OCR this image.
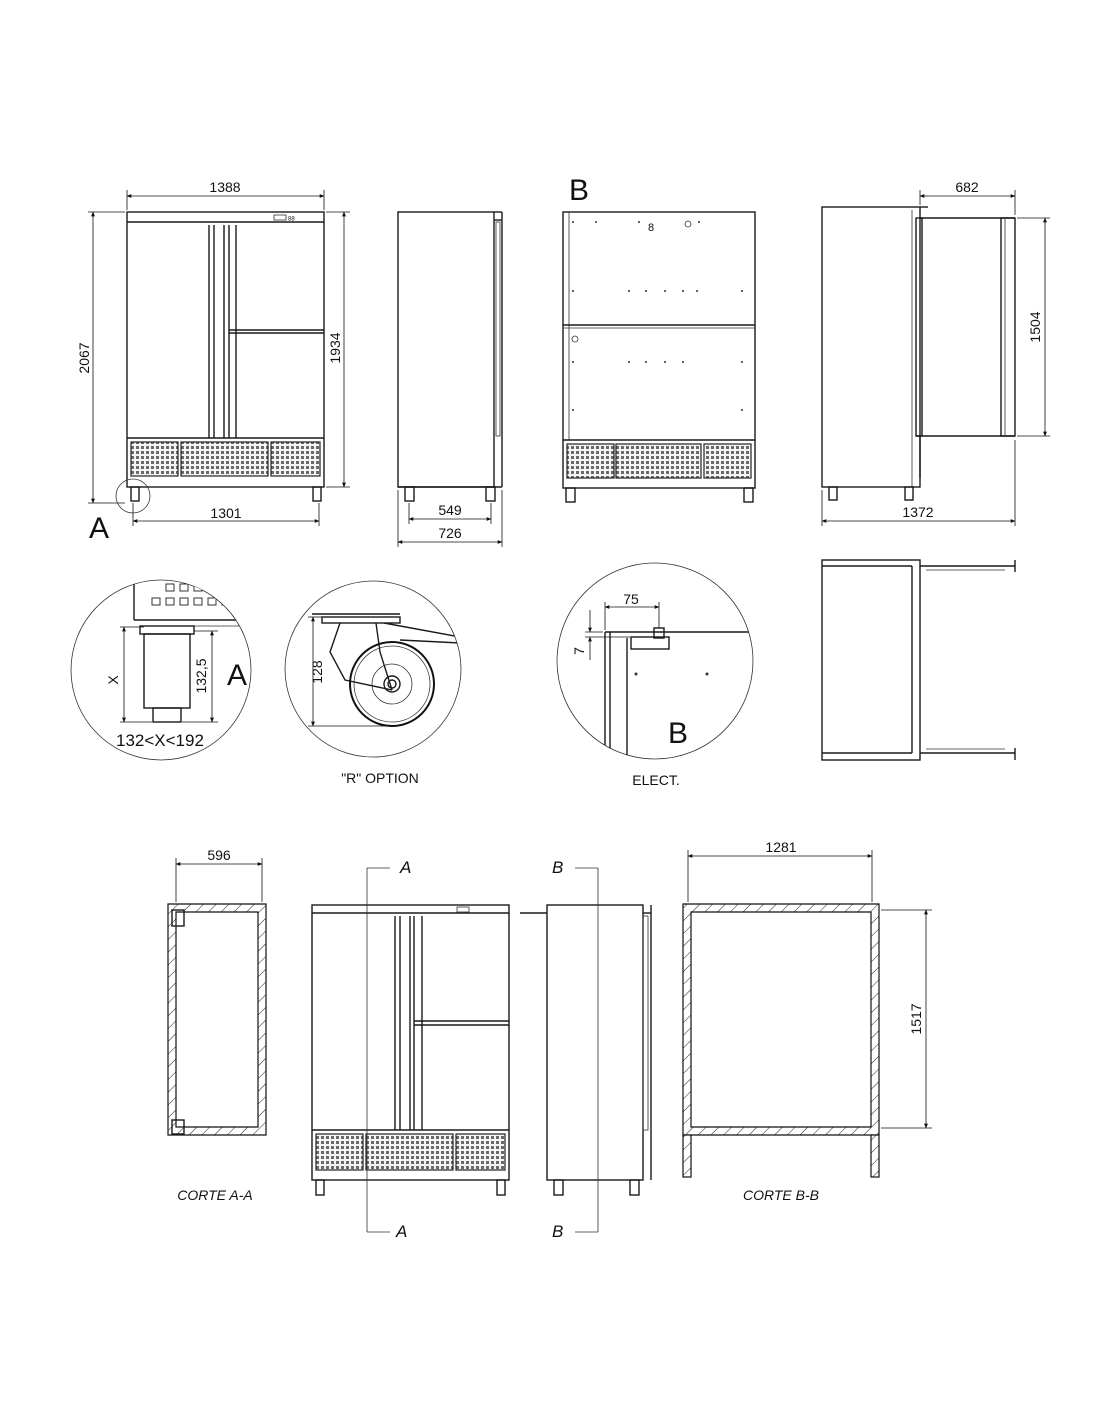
88
1388
2067	1934
1301
A
549
726
B
8
682
1504
1372
X	132,5 A
132<X<192
128
"R" OPTION
75
7
B
ELECT.
596
CORTE A-A
A
A
B
B
1281
1517
CORTE B-B
